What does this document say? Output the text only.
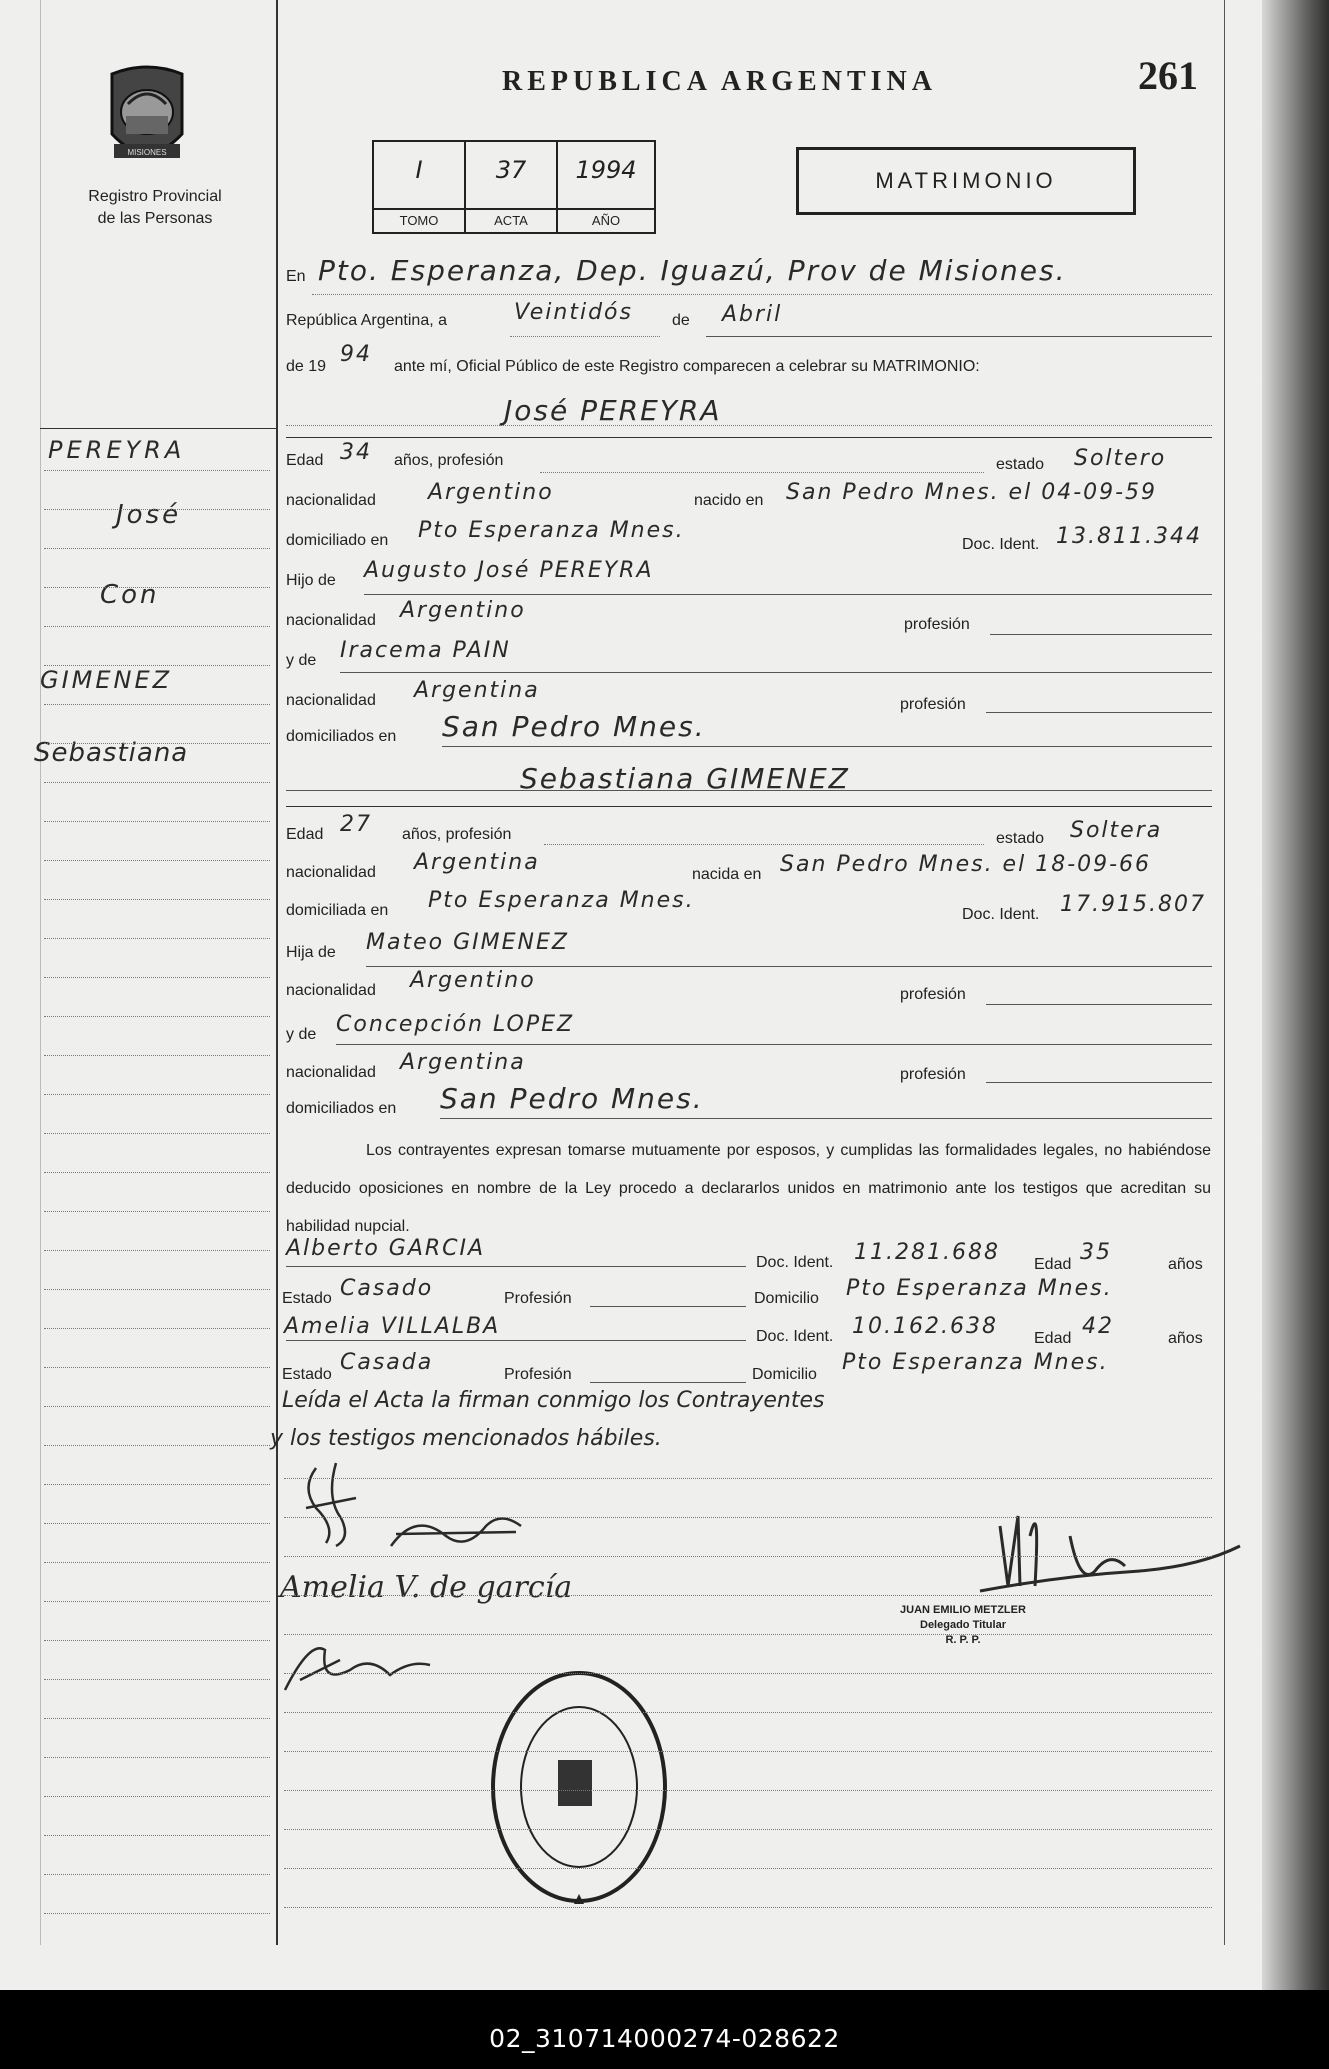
MISIONES
Registro Provincial
de las Personas
REPUBLICA ARGENTINA	261
I
TOMO
37
ACTA
1994
AÑO
MATRIMONIO
En Pto. Esperanza, Dep. Iguazú, Prov de Misiones.
República Argentina, a	Veintidós de Abril
de 19 94 ante mí, Oficial Público de este Registro comparecen a celebrar su MATRIMONIO:
José PEREYRA
Edad 34 años, profesión	estado Soltero
nacionalidad Argentino	nacido en San Pedro Mnes. el 04-09-59
domiciliado en Pto Esperanza Mnes.
Doc. Ident. 13.811.344
Hijo de Augusto José PEREYRA
nacionalidad Argentino
profesión
y de Iracema PAIN
nacionalidad Argentina
profesión
domiciliados en San Pedro Mnes.
Sebastiana GIMENEZ
Edad 27 años, profesión	estado Soltera
nacionalidad Argentina	nacida en San Pedro Mnes. el 18-09-66
domiciliada en Pto Esperanza Mnes.
Doc. Ident. 17.915.807
Hija de Mateo GIMENEZ
nacionalidad Argentino
profesión
y de Concepción LOPEZ
nacionalidad Argentina	profesión
domiciliados en San Pedro Mnes.
Los contrayentes expresan tomarse mutuamente por esposos, y cumplidas las formalidades legales, no habiéndose deducido oposiciones en nombre de la Ley procedo a declararlos unidos en matrimonio ante los testigos que acreditan su habilidad nupcial.
Alberto GARCIA
Doc. Ident. 11.281.688 Edad 35	años
Estado Casado	Profesión	Domicilio Pto Esperanza Mnes.
Amelia VILLALBA	Doc. Ident. 10.162.638 Edad 42	años
Estado Casada	Profesión	Domicilio Pto Esperanza Mnes.
Leída el Acta la firman conmigo los Contrayentes
y los testigos mencionados hábiles.
Amelia V. de garcía
JUAN EMILIO METZLER
Delegado Titular
R. P. P.
PEREYRA
José
Con
GIMENEZ
Sebastiana
02_310714000274-028622
